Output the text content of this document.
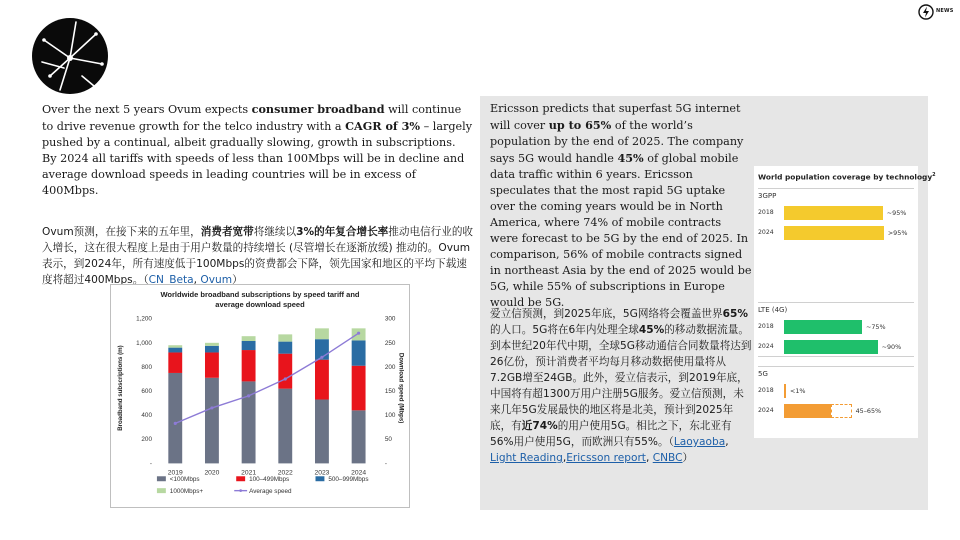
NEWS

Over the next 5 years Ovum expects consumer broadband will continue to drive revenue growth for the telco industry with a CAGR of 3% – largely pushed by a continual, albeit gradually slowing, growth in subscriptions. By 2024 all tariffs with speeds of less than 100Mbps will be in decline and average download speeds in leading countries will be in excess of 400Mbps.

Ovum预测，在接下来的五年里，消费者宽带将继续以3%的年复合增长率推动电信行业的收入增长，这在很大程度上是由于用户数量的持续增长 (尽管增长在逐渐放缓) 推动的。Ovum表示，到2024年，所有速度低于100Mbps的资费都会下降，领先国家和地区的平均下载速度将超过400Mbps。（CN_Beta, Ovum）

Worldwide broadband subscriptions by speed tariff and
average download speed
Broadband subscriptions (m)	Download speed (Mbps)
-
200
400
600
800
1,000
1,200
-
50
100
150
200
250
300
2019	2020	2021	2022	2023	2024
<100Mbps	100–499Mbps	500–999Mbps
1000Mbps+	Average speed

Ericsson predicts that superfast 5G internet will cover up to 65% of the world’s population by the end of 2025. The company says 5G would handle 45% of global mobile data traffic within 6 years. Ericsson speculates that the most rapid 5G uptake over the coming years would be in North America, where 74% of mobile contracts were forecast to be 5G by the end of 2025. In comparison, 56% of mobile contracts signed in northeast Asia by the end of 2025 would be 5G, while 55% of subscriptions in Europe would be 5G.

爱立信预测，到2025年底，5G网络将会覆盖世界65%的人口。5G将在6年内处理全球45%的移动数据流量。到本世纪20年代中期，全球5G移动通信合同数量将达到26亿份，预计消费者平均每月移动数据使用量将从7.2GB增至24GB。此外，爱立信表示，到2019年底，中国将有超1300万用户注册5G服务。爱立信预测，未来几年5G发展最快的地区将是北美，预计到2025年底，有近74%的用户使用5G。相比之下，东北亚有56%用户使用5G，而欧洲只有55%。（Laoyaoba, Light Reading,Ericsson report, CNBC）

World population coverage by technology$^2$
3GPP
2018	~95%
2024	>95%
LTE (4G)
2018	~75%
2024	~90%
5G
2018	<1%
2024	45–65%
